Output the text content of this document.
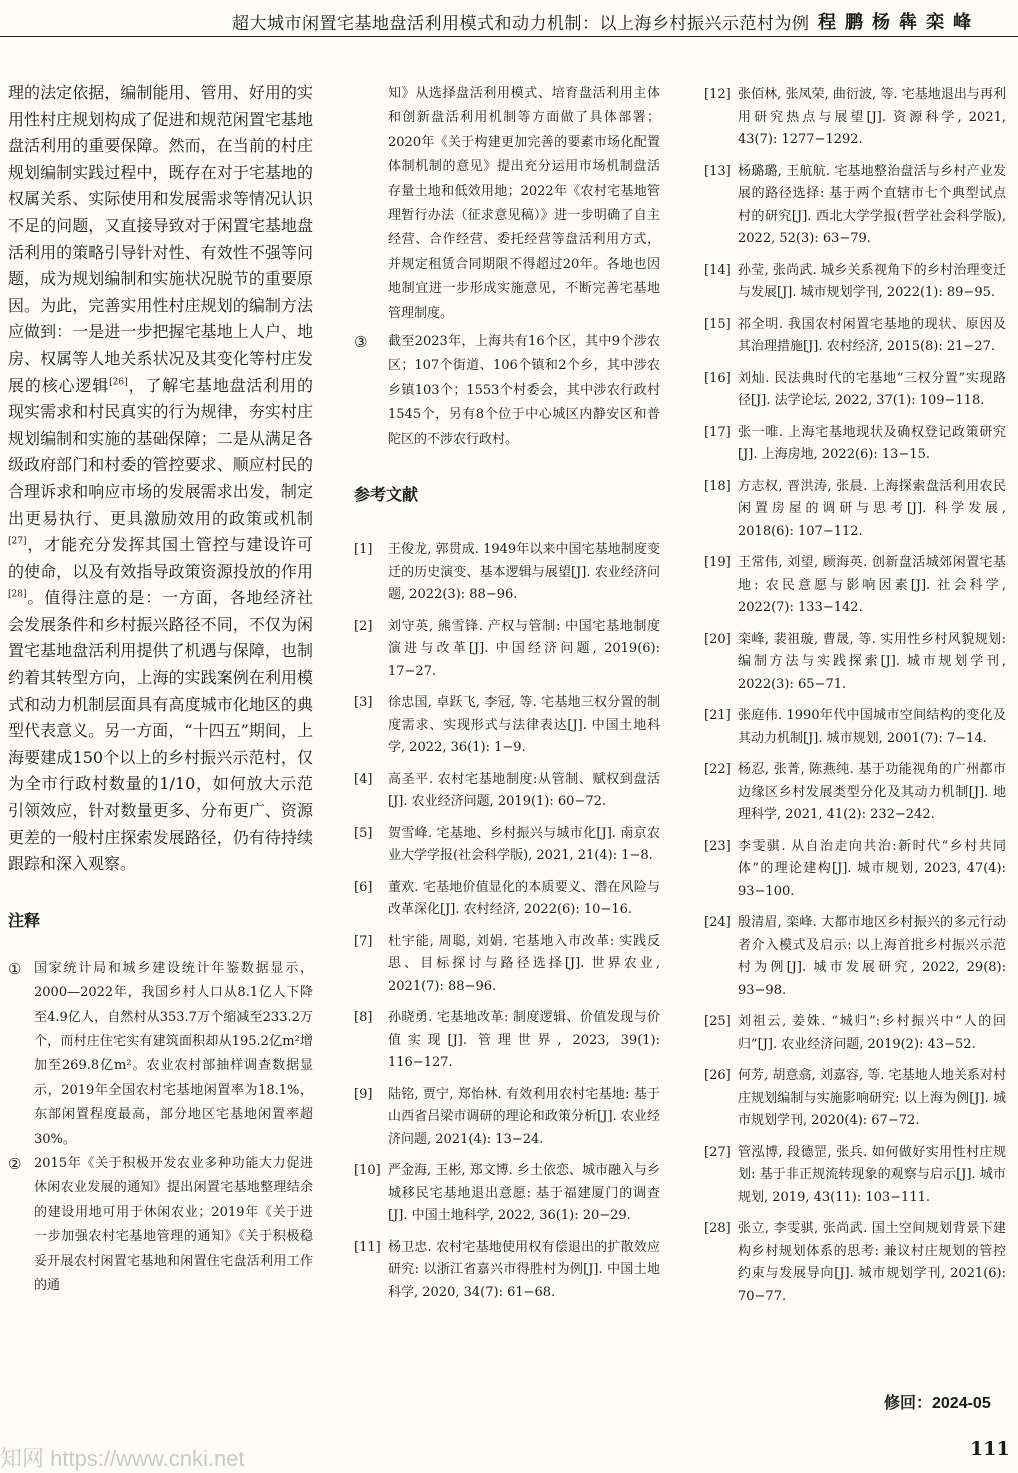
超大城市闲置宅基地盘活利用模式和动力机制：以上海乡村振兴示范村为例 程鹏杨犇栾峰

理的法定依据，编制能用、管用、好用的实用性村庄规划构成了促进和规范闲置宅基地盘活利用的重要保障。然而，在当前的村庄规划编制实践过程中，既存在对于宅基地的权属关系、实际使用和发展需求等情况认识不足的问题，又直接导致对于闲置宅基地盘活利用的策略引导针对性、有效性不强等问题，成为规划编制和实施状况脱节的重要原因。为此，完善实用性村庄规划的编制方法应做到：一是进一步把握宅基地上人户、地房、权属等人地关系状况及其变化等村庄发展的核心逻辑[26]，了解宅基地盘活利用的现实需求和村民真实的行为规律，夯实村庄规划编制和实施的基础保障；二是从满足各级政府部门和村委的管控要求、顺应村民的合理诉求和响应市场的发展需求出发，制定出更易执行、更具激励效用的政策或机制[27]，才能充分发挥其国土管控与建设许可的使命，以及有效指导政策资源投放的作用[28]。值得注意的是：一方面，各地经济社会发展条件和乡村振兴路径不同，不仅为闲置宅基地盘活利用提供了机遇与保障，也制约着其转型方向，上海的实践案例在利用模式和动力机制层面具有高度城市化地区的典型代表意义。另一方面，“十四五”期间，上海要建成150个以上的乡村振兴示范村，仅为全市行政村数量的1/10，如何放大示范引领效应，针对数量更多、分布更广、资源更差的一般村庄探索发展路径，仍有待持续跟踪和深入观察。

注释
① 国家统计局和城乡建设统计年鉴数据显示，2000—2022年，我国乡村人口从8.1亿人下降至4.9亿人，自然村从353.7万个缩减至233.2万个，而村庄住宅实有建筑面积却从195.2亿m²增加至269.8亿m²。农业农村部抽样调查数据显示，2019年全国农村宅基地闲置率为18.1%，东部闲置程度最高，部分地区宅基地闲置率超30%。
② 2015年《关于积极开发农业多种功能大力促进休闲农业发展的通知》提出闲置宅基地整理结余的建设用地可用于休闲农业；2019年《关于进一步加强农村宅基地管理的通知》《关于积极稳妥开展农村闲置宅基地和闲置住宅盘活利用工作的通
知》从选择盘活利用模式、培育盘活利用主体和创新盘活利用机制等方面做了具体部署；2020年《关于构建更加完善的要素市场化配置体制机制的意见》提出充分运用市场机制盘活存量土地和低效用地；2022年《农村宅基地管理暂行办法（征求意见稿）》进一步明确了自主经营、合作经营、委托经营等盘活利用方式，并规定租赁合同期限不得超过20年。各地也因地制宜进一步形成实施意见，不断完善宅基地管理制度。
③	截至2023年，上海共有16个区，其中9个涉农区；107个街道、106个镇和2个乡，其中涉农乡镇103个；1553个村委会，其中涉农行政村1545个，另有8个位于中心城区内静安区和普陀区的不涉农行政村。
参考文献
[1]	王俊龙, 郭贯成. 1949年以来中国宅基地制度变迁的历史演变、基本逻辑与展望[J]. 农业经济问题, 2022(3): 88−96.
[2]	刘守英, 熊雪锋. 产权与管制: 中国宅基地制度演进与改革[J]. 中国经济问题, 2019(6): 17−27.
[3]	徐忠国, 卓跃飞, 李冠, 等. 宅基地三权分置的制度需求、实现形式与法律表达[J]. 中国土地科学, 2022, 36(1): 1−9.
[4]	高圣平. 农村宅基地制度:从管制、赋权到盘活[J]. 农业经济问题, 2019(1): 60−72.
[5]	贺雪峰. 宅基地、乡村振兴与城市化[J]. 南京农业大学学报(社会科学版), 2021, 21(4): 1−8.
[6]	董欢. 宅基地价值显化的本质要义、潜在风险与改革深化[J]. 农村经济, 2022(6): 10−16.
[7]	杜宇能, 周聪, 刘娟. 宅基地入市改革: 实践反思、目标探讨与路径选择[J]. 世界农业, 2021(7): 88−96.
[8]	孙晓勇. 宅基地改革: 制度逻辑、价值发现与价值实现[J]. 管理世界, 2023, 39(1): 116−127.
[9]	陆铭, 贾宁, 郑怡林. 有效利用农村宅基地: 基于山西省吕梁市调研的理论和政策分析[J]. 农业经济问题, 2021(4): 13−24.
[10] 严金海, 王彬, 郑文博. 乡土依恋、城市融入与乡城移民宅基地退出意愿: 基于福建厦门的调查[J]. 中国土地科学, 2022, 36(1): 20−29.
[11] 杨卫忠. 农村宅基地使用权有偿退出的扩散效应研究: 以浙江省嘉兴市得胜村为例[J]. 中国土地科学, 2020, 34(7): 61−68.
[12] 张佰林, 张凤荣, 曲衍波, 等. 宅基地退出与再利用研究热点与展望[J]. 资源科学, 2021, 43(7): 1277−1292.
[13] 杨璐璐, 王航航. 宅基地整治盘活与乡村产业发展的路径选择: 基于两个直辖市七个典型试点村的研究[J]. 西北大学学报(哲学社会科学版), 2022, 52(3): 63−79.
[14] 孙莹, 张尚武. 城乡关系视角下的乡村治理变迁与发展[J]. 城市规划学刊, 2022(1): 89−95.
[15] 祁全明. 我国农村闲置宅基地的现状、原因及其治理措施[J]. 农村经济, 2015(8): 21−27.
[16] 刘灿. 民法典时代的宅基地“三权分置”实现路径[J]. 法学论坛, 2022, 37(1): 109−118.
[17] 张一唯. 上海宅基地现状及确权登记政策研究[J]. 上海房地, 2022(6): 13−15.
[18] 方志权, 晋洪涛, 张晨. 上海探索盘活利用农民闲置房屋的调研与思考[J]. 科学发展, 2018(6): 107−112.
[19] 王常伟, 刘望, 顾海英. 创新盘活城郊闲置宅基地: 农民意愿与影响因素[J]. 社会科学, 2022(7): 133−142.
[20] 栾峰, 裴祖璇, 曹晟, 等. 实用性乡村风貌规划: 编制方法与实践探索[J]. 城市规划学刊, 2022(3): 65−71.
[21] 张庭伟. 1990年代中国城市空间结构的变化及其动力机制[J]. 城市规划, 2001(7): 7−14.
[22] 杨忍, 张菁, 陈燕纯. 基于功能视角的广州都市边缘区乡村发展类型分化及其动力机制[J]. 地理科学, 2021, 41(2): 232−242.
[23] 李雯骐. 从自治走向共治:新时代“乡村共同体”的理论建构[J]. 城市规划, 2023, 47(4): 93−100.
[24] 殷清眉, 栾峰. 大都市地区乡村振兴的多元行动者介入模式及启示: 以上海首批乡村振兴示范村为例[J]. 城市发展研究, 2022, 29(8): 93−98.
[25] 刘祖云, 姜姝. “城归”:乡村振兴中“人的回归”[J]. 农业经济问题, 2019(2): 43−52.
[26] 何芳, 胡意翕, 刘嘉容, 等. 宅基地人地关系对村庄规划编制与实施影响研究: 以上海为例[J]. 城市规划学刊, 2020(4): 67−72.
[27] 管泓博, 段德罡, 张兵. 如何做好实用性村庄规划: 基于非正规流转现象的观察与启示[J]. 城市规划, 2019, 43(11): 103−111.
[28] 张立, 李雯骐, 张尚武. 国土空间规划背景下建构乡村规划体系的思考: 兼议村庄规划的管控约束与发展导向[J]. 城市规划学刊, 2021(6): 70−77.
修回：2024-05
111
知网 https://www.cnki.net
